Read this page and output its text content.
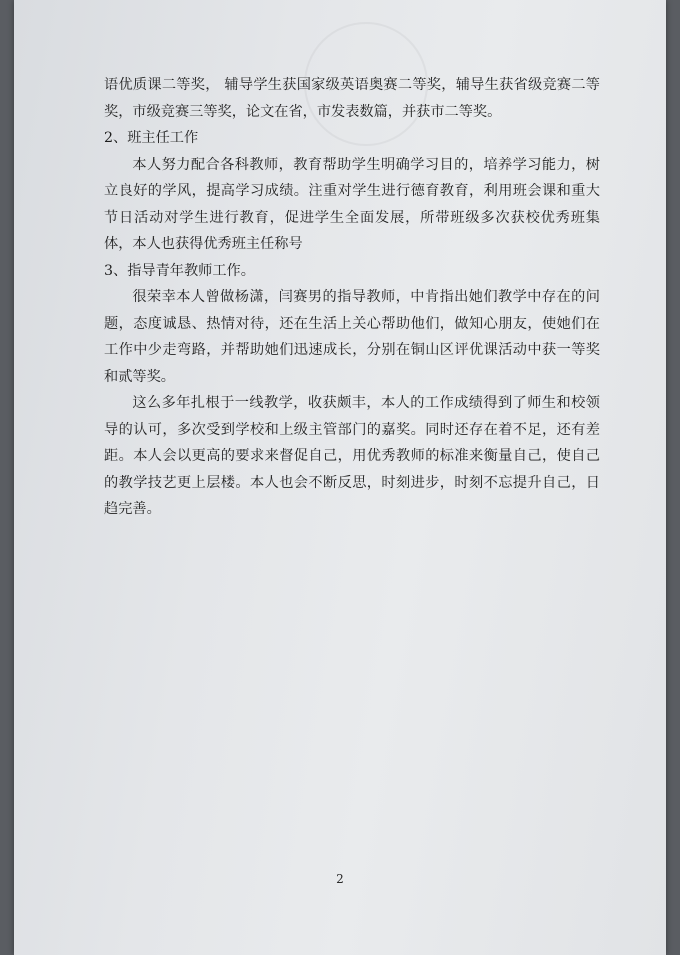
语优质课二等奖， 辅导学生获国家级英语奥赛二等奖，辅导生获省级竞赛二等奖，市级竞赛三等奖，论文在省，市发表数篇，并获市二等奖。

2、班主任工作

本人努力配合各科教师，教育帮助学生明确学习目的，培养学习能力，树立良好的学风，提高学习成绩。注重对学生进行德育教育，利用班会课和重大节日活动对学生进行教育，促进学生全面发展，所带班级多次获校优秀班集体，本人也获得优秀班主任称号

3、指导青年教师工作。

很荣幸本人曾做杨潇，闫赛男的指导教师，中肯指出她们教学中存在的问题，态度诚恳、热情对待，还在生活上关心帮助他们，做知心朋友，使她们在工作中少走弯路，并帮助她们迅速成长，分别在铜山区评优课活动中获一等奖和贰等奖。

这么多年扎根于一线教学，收获颇丰，本人的工作成绩得到了师生和校领导的认可，多次受到学校和上级主管部门的嘉奖。同时还存在着不足，还有差距。本人会以更高的要求来督促自己，用优秀教师的标准来衡量自己，使自己的教学技艺更上层楼。本人也会不断反思，时刻进步，时刻不忘提升自己，日趋完善。

2
